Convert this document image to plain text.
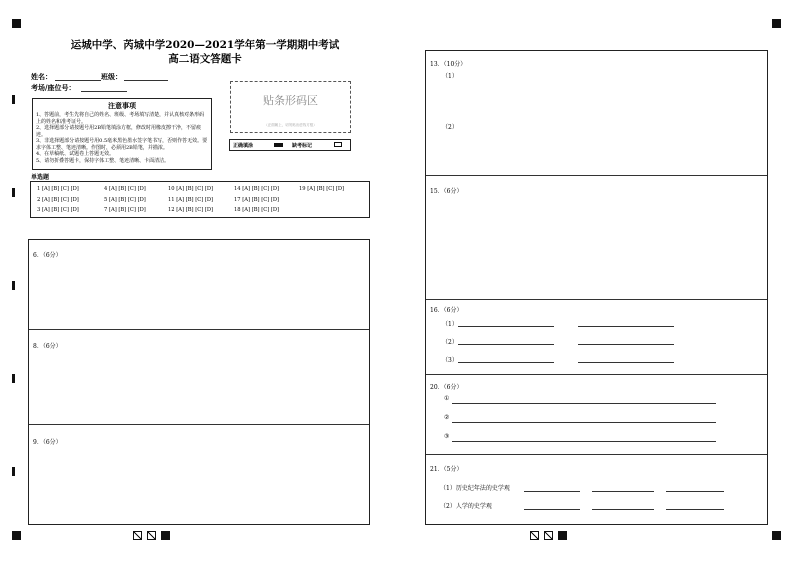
运城中学、芮城中学2020—2021学年第一学期期中考试
高二语文答题卡
姓名：	班级：
考场/座位号：
注意事项
1、答题前，考生先将自己的姓名、班级、考场填写清楚，并认真核对条形码上的姓名和准考证号。
2、选择题部分请按题号用2B铅笔填涂方框，修改时用橡皮擦干净，不留痕迹。
3、非选择题部分请按题号用0.5毫米黑色墨水签字笔书写，否则作答无效。要求字体工整、笔迹清晰。作图时，必须用2B铅笔，并描浓。
4、在草稿纸、试题卷上答题无效。
5、请勿折叠答题卡，保持字体工整、笔迹清晰、卡面清洁。
贴条形码区
（正面朝上，切勿贴出虚线方框）
正确填涂	缺考标记
单选题
1 [A] [B] [C] [D]	4 [A] [B] [C] [D]	10 [A] [B] [C] [D]	14 [A] [B] [C] [D]	19 [A] [B] [C] [D]
2 [A] [B] [C] [D]	5 [A] [B] [C] [D]	11 [A] [B] [C] [D]	17 [A] [B] [C] [D]
3 [A] [B] [C] [D]	7 [A] [B] [C] [D]	12 [A] [B] [C] [D]	18 [A] [B] [C] [D]
6．（6分）
8．（6分）
9．（6分）
13．（10分）
（1）
（2）
15．（6分）
16．（6分）
（1）
（2）
（3）
20．（6分）
①
②
③
21．（5分）
（1）历史纪年法的史学观
（2）人学的史学观
